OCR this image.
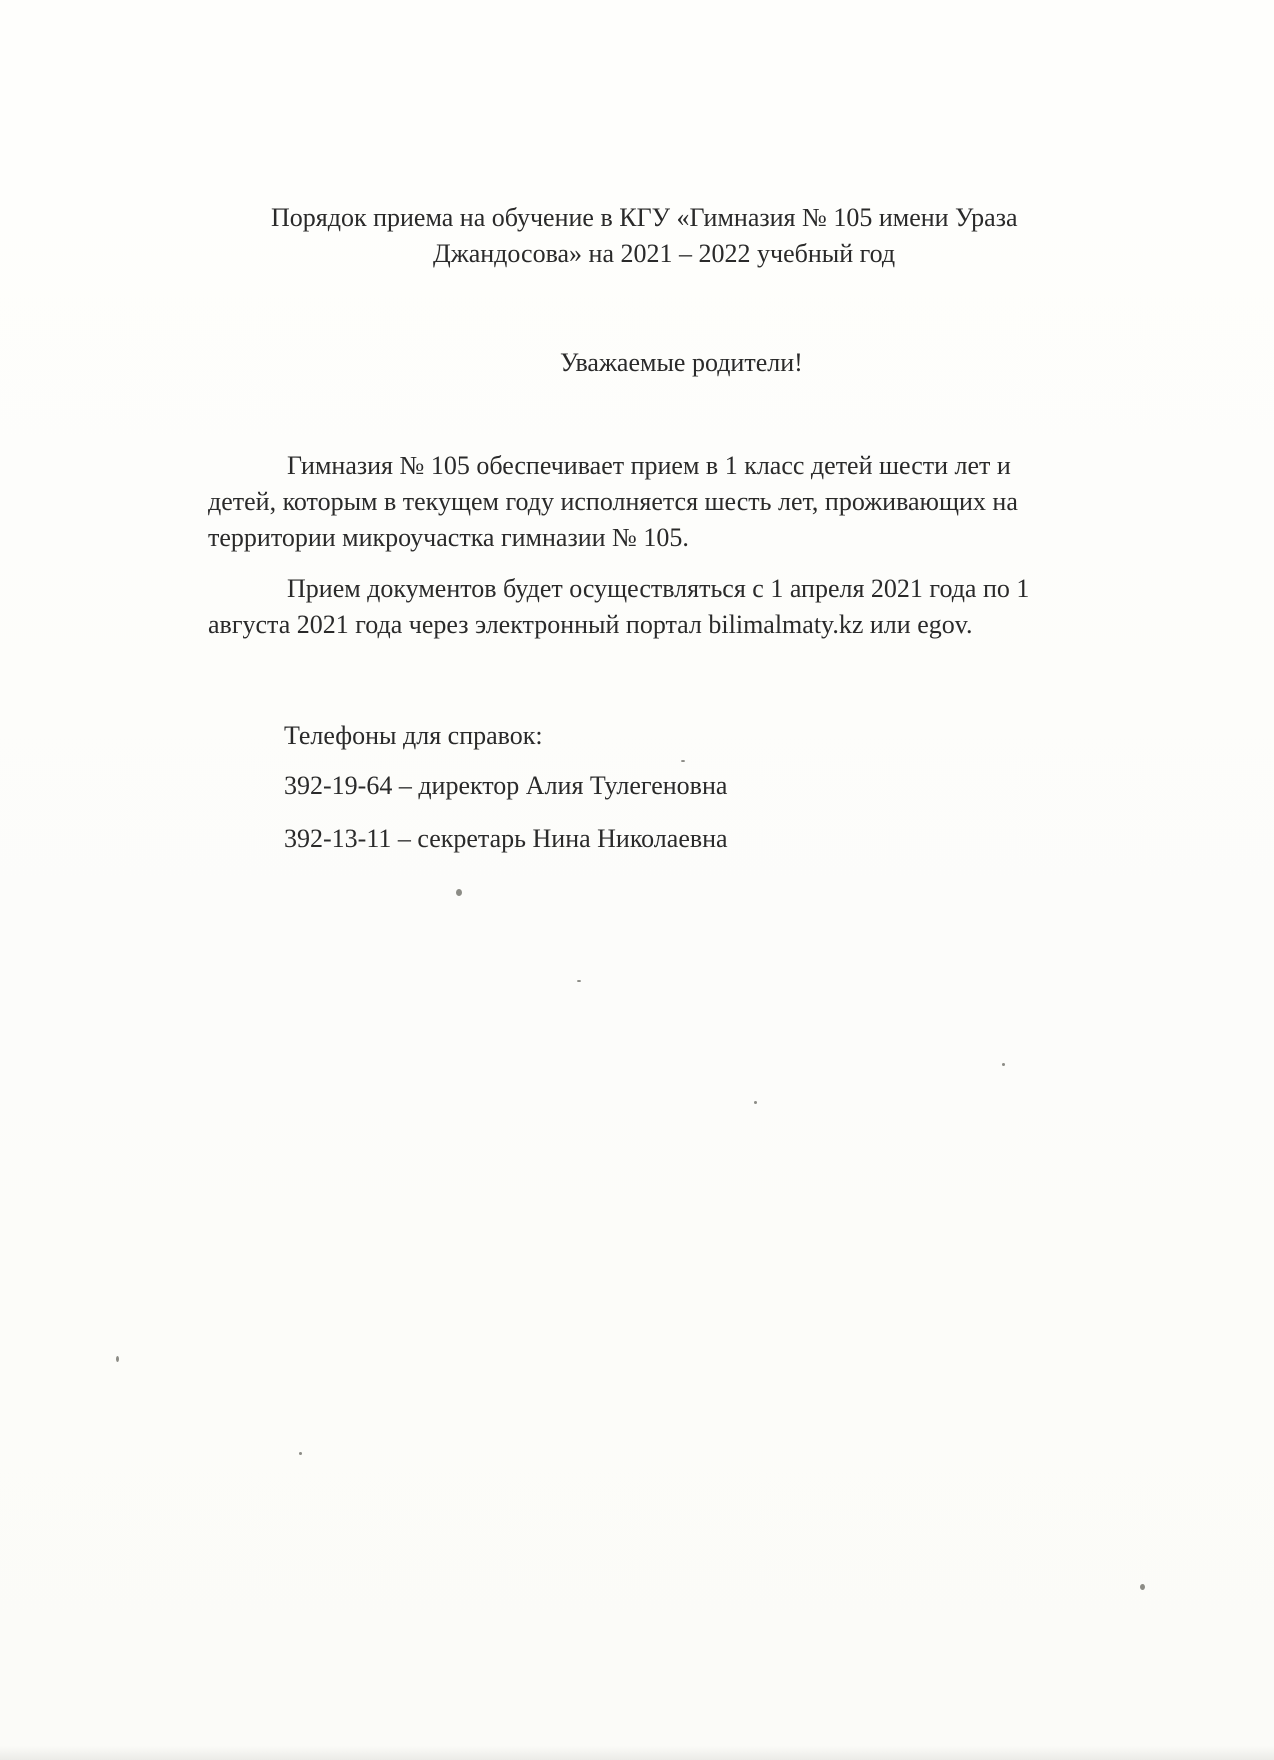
Порядок приема на обучение в КГУ «Гимназия № 105 имени Ураза

Джандосова» на 2021 – 2022 учебный год

Уважаемые родители!

Гимназия № 105 обеспечивает прием в 1 класс детей шести лет и

детей, которым в текущем году исполняется шесть лет, проживающих на

территории микроучастка гимназии № 105.

Прием документов будет осуществляться с 1 апреля 2021 года по 1

августа 2021 года через электронный портал bilimalmaty.kz или egov.

Телефоны для справок:

392-19-64 – директор Алия Тулегеновна

392-13-11 – секретарь Нина Николаевна
